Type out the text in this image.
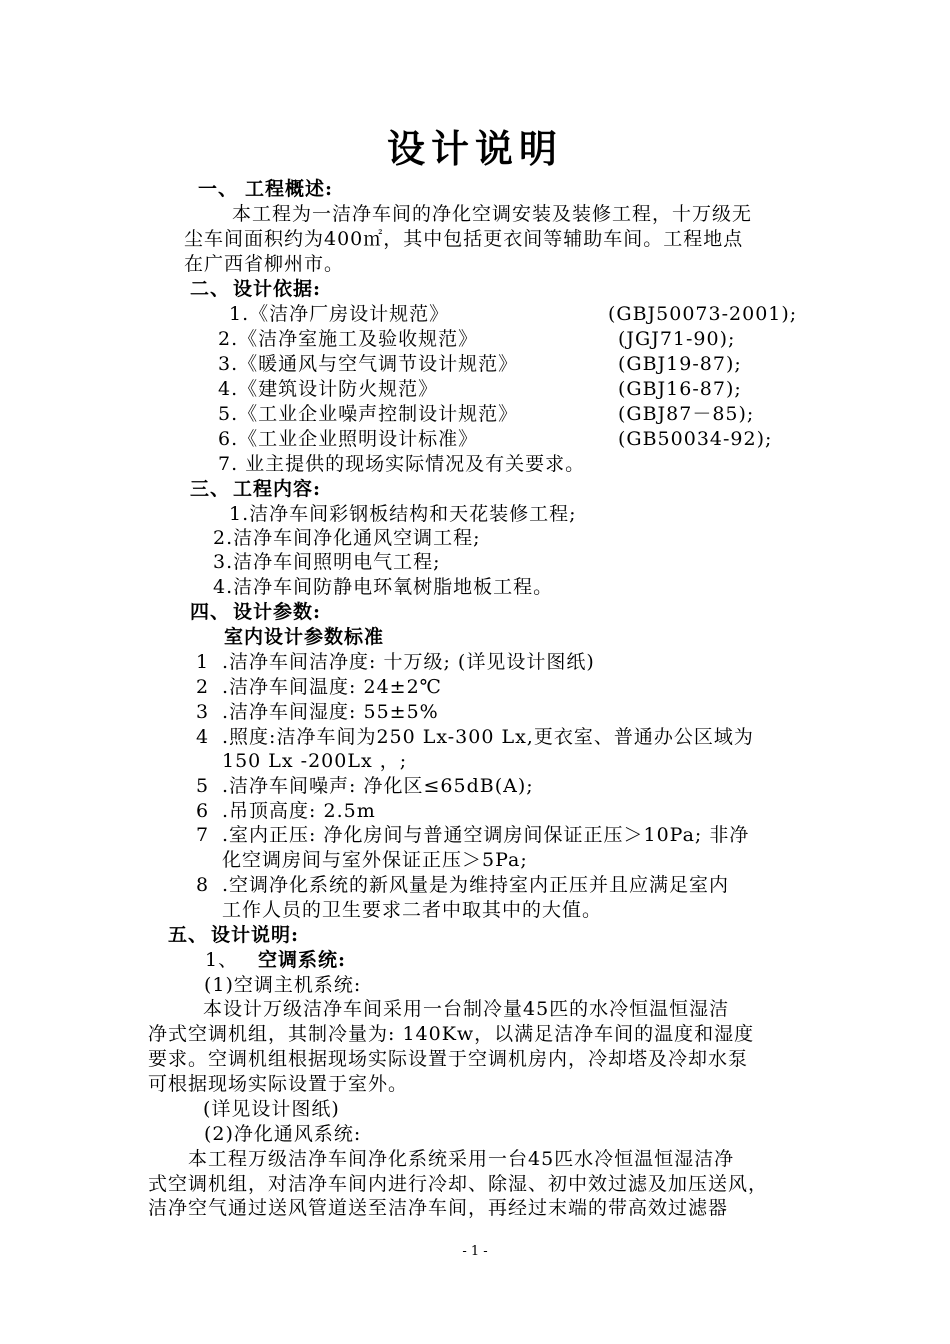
设计说明
一、 工程概述:
本工程为一洁净车间的净化空调安装及装修工程，十万级无
尘车间面积约为400㎡，其中包括更衣间等辅助车间。工程地点
在广西省柳州市。
二、 设计依据:
1.《洁净厂房设计规范》	(GBJ50073-2001);
2.《洁净室施工及验收规范》	(JGJ71-90);
3.《暖通风与空气调节设计规范》	(GBJ19-87);
4.《建筑设计防火规范》	(GBJ16-87);
5.《工业企业噪声控制设计规范》	(GBJ87－85);
6.《工业企业照明设计标准》	(GB50034-92);
7. 业主提供的现场实际情况及有关要求。
三、 工程内容:
1.洁净车间彩钢板结构和天花装修工程;
2.洁净车间净化通风空调工程;
3.洁净车间照明电气工程;
4.洁净车间防静电环氧树脂地板工程。
四、 设计参数:
室内设计参数标准
1 .洁净车间洁净度: 十万级; (详见设计图纸)
2 .洁净车间温度: 24±2℃
3 .洁净车间湿度: 55±5%
4 .照度:洁净车间为250 Lx-300 Lx,更衣室、普通办公区域为
150 Lx -200Lx ，;
5 .洁净车间噪声: 净化区≤65dB(A);
6 .吊顶高度: 2.5m
7 .室内正压: 净化房间与普通空调房间保证正压＞10Pa; 非净
化空调房间与室外保证正压＞5Pa;
8 .空调净化系统的新风量是为维持室内正压并且应满足室内
工作人员的卫生要求二者中取其中的大值。
五、 设计说明:
1、 空调系统:
(1)空调主机系统:
本设计万级洁净车间采用一台制冷量45匹的水冷恒温恒湿洁
净式空调机组，其制冷量为: 140Kw，以满足洁净车间的温度和湿度
要求。空调机组根据现场实际设置于空调机房内，冷却塔及冷却水泵
可根据现场实际设置于室外。
(详见设计图纸)
(2)净化通风系统:
本工程万级洁净车间净化系统采用一台45匹水冷恒温恒湿洁净
式空调机组，对洁净车间内进行冷却、除湿、初中效过滤及加压送风，
洁净空气通过送风管道送至洁净车间，再经过末端的带高效过滤器
- 1 -
